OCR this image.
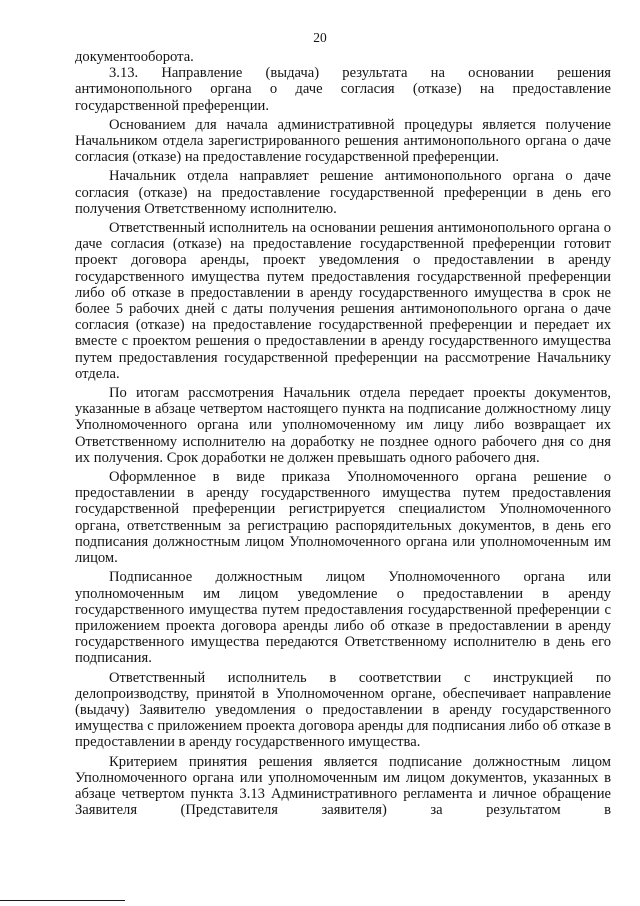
20

документооборота.

3.13. Направление (выдача) результата на основании решения антимонопольного органа о даче согласия (отказе) на предоставление государственной преференции.

Основанием для начала административной процедуры является получение Начальником отдела зарегистрированного решения антимонопольного органа о даче согласия (отказе) на предоставление государственной преференции.

Начальник отдела направляет решение антимонопольного органа о даче согласия (отказе) на предоставление государственной преференции в день его получения Ответственному исполнителю.

Ответственный исполнитель на основании решения антимонопольного органа о даче согласия (отказе) на предоставление государственной преференции готовит проект договора аренды, проект уведомления о предоставлении в аренду государственного имущества путем предоставления государственной преференции либо об отказе в предоставлении в аренду государственного имущества в срок не более 5 рабочих дней с даты получения решения антимонопольного органа о даче согласия (отказе) на предоставление государственной преференции и передает их вместе с проектом решения о предоставлении в аренду государственного имущества путем предоставления государственной преференции на рассмотрение Начальнику отдела.

По итогам рассмотрения Начальник отдела передает проекты документов, указанные в абзаце четвертом настоящего пункта на подписание должностному лицу Уполномоченного органа или уполномоченному им лицу либо возвращает их Ответственному исполнителю на доработку не позднее одного рабочего дня со дня их получения. Срок доработки не должен превышать одного рабочего дня.

Оформленное в виде приказа Уполномоченного органа решение о предоставлении в аренду государственного имущества путем предоставления государственной преференции регистрируется специалистом Уполномоченного органа, ответственным за регистрацию распорядительных документов, в день его подписания должностным лицом Уполномоченного органа или уполномоченным им лицом.

Подписанное должностным лицом Уполномоченного органа или уполномоченным им лицом уведомление о предоставлении в аренду государственного имущества путем предоставления государственной преференции с приложением проекта договора аренды либо об отказе в предоставлении в аренду государственного имущества передаются Ответственному исполнителю в день его подписания.

Ответственный исполнитель в соответствии с инструкцией по делопроизводству, принятой в Уполномоченном органе, обеспечивает направление (выдачу) Заявителю уведомления о предоставлении в аренду государственного имущества с приложением проекта договора аренды для подписания либо об отказе в предоставлении в аренду государственного имущества.

Критерием принятия решения является подписание должностным лицом Уполномоченного органа или уполномоченным им лицом документов, указанных в абзаце четвертом пункта 3.13 Административного регламента и личное обращение Заявителя (Представителя заявителя) за результатом в
